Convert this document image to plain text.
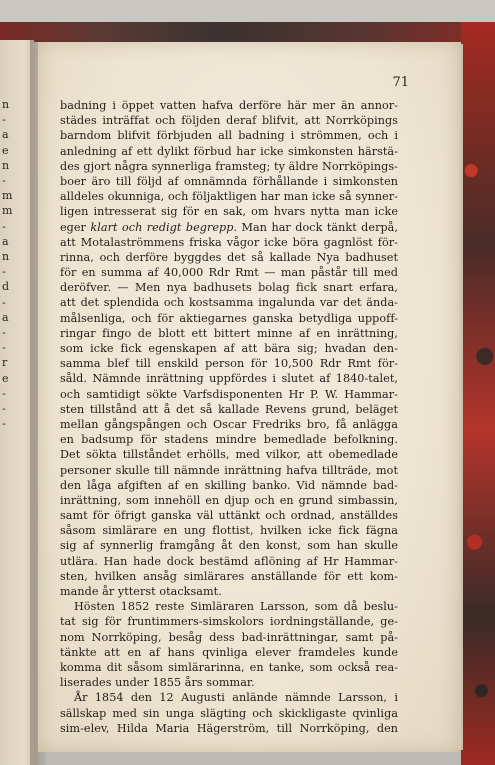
n
-
a
e
n
-
m
m
-
a
n
-
d
-
a
-
-
r
e
-
-
-
71
badning i öppet vatten hafva derföre här mer än annor-
städes inträffat och följden deraf blifvit, att Norrköpings
barndom blifvit förbjuden all badning i strömmen, och i
anledning af ett dylikt förbud har icke simkonsten härstä-
des gjort några synnerliga framsteg; ty äldre Norrköpings-
boer äro till följd af omnämnda förhållande i simkonsten
alldeles okunniga, och följaktligen har man icke så synner-
ligen intresserat sig för en sak, om hvars nytta man icke
eger klart och redigt begrepp. Man har dock tänkt derpå,
att Motalaströmmens friska vågor icke böra gagnlöst för-
rinna, och derföre byggdes det så kallade Nya badhuset
för en summa af 40,000 Rdr Rmt — man påstår till med
deröfver. — Men nya badhusets bolag fick snart erfara,
att det splendida och kostsamma ingalunda var det ända-
målsenliga, och för aktiegarnes ganska betydliga uppoff-
ringar fingo de blott ett bittert minne af en inrättning,
som icke fick egenskapen af att bära sig; hvadan den-
samma blef till enskild person för 10,500 Rdr Rmt för-
såld. Nämnde inrättning uppfördes i slutet af 1840-talet,
och samtidigt sökte Varfsdisponenten Hr P. W. Hammar-
sten tillstånd att å det så kallade Revens grund, beläget
mellan gångspången och Oscar Fredriks bro, få anlägga
en badsump för stadens mindre bemedlade befolkning.
Det sökta tillståndet erhölls, med vilkor, att obemedlade
personer skulle till nämnde inrättning hafva tillträde, mot
den låga afgiften af en skilling banko. Vid nämnde bad-
inrättning, som innehöll en djup och en grund simbassin,
samt för öfrigt ganska väl uttänkt och ordnad, anställdes
såsom simlärare en ung flottist, hvilken icke fick fägna
sig af synnerlig framgång åt den konst, som han skulle
utlära. Han hade dock bestämd aflöning af Hr Hammar-
sten, hvilken ansåg simlärares anställande för ett kom-
mande år ytterst otacksamt.
Hösten 1852 reste Simläraren Larsson, som då beslu-
tat sig för fruntimmers-simskolors iordningställande, ge-
nom Norrköping, besåg dess bad-inrättningar, samt på-
tänkte att en af hans qvinliga elever framdeles kunde
komma dit såsom simlärarinna, en tanke, som också rea-
liserades under 1855 års sommar.
År 1854 den 12 Augusti anlände nämnde Larsson, i
sällskap med sin unga slägting och skickligaste qvinliga
sim-elev, Hilda Maria Hägerström, till Norrköping, den
